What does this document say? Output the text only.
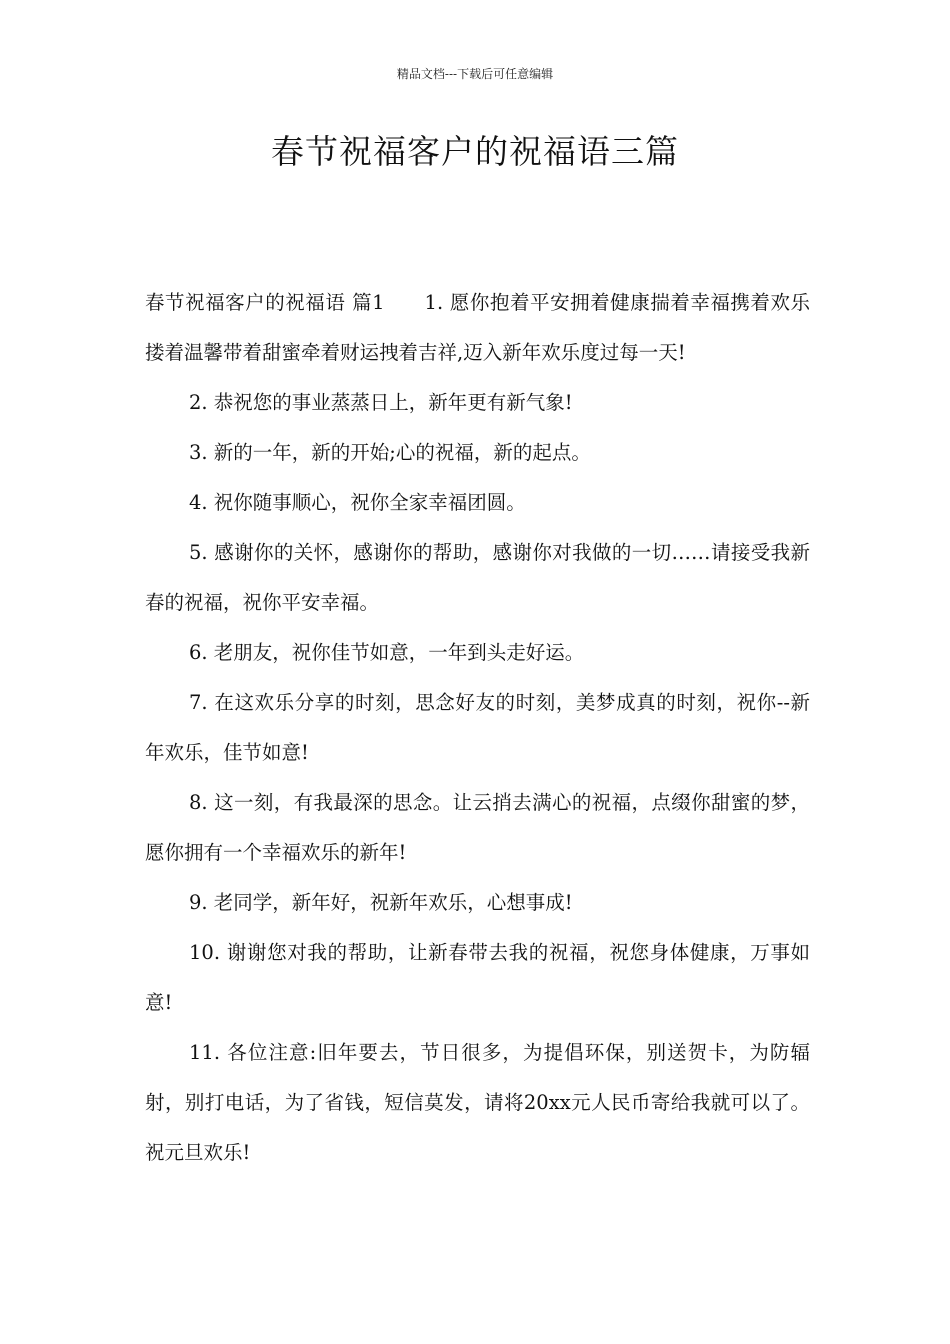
精品文档---下载后可任意编辑
春节祝福客户的祝福语三篇

春节祝福客户的祝福语 篇1 1. 愿你抱着平安拥着健康揣着幸福携着欢乐搂着温馨带着甜蜜牵着财运拽着吉祥,迈入新年欢乐度过每一天!

2. 恭祝您的事业蒸蒸日上，新年更有新气象!

3. 新的一年，新的开始;心的祝福，新的起点。

4. 祝你随事顺心，祝你全家幸福团圆。

5. 感谢你的关怀，感谢你的帮助，感谢你对我做的一切……请接受我新春的祝福，祝你平安幸福。

6. 老朋友，祝你佳节如意，一年到头走好运。

7. 在这欢乐分享的时刻，思念好友的时刻，美梦成真的时刻，祝你--新年欢乐，佳节如意!

8. 这一刻，有我最深的思念。让云捎去满心的祝福，点缀你甜蜜的梦，愿你拥有一个幸福欢乐的新年!

9. 老同学，新年好，祝新年欢乐，心想事成!

10. 谢谢您对我的帮助，让新春带去我的祝福，祝您身体健康，万事如意!

11. 各位注意:旧年要去，节日很多，为提倡环保，别送贺卡，为防辐射，别打电话，为了省钱，短信莫发，请将20xx元人民币寄给我就可以了。祝元旦欢乐!
